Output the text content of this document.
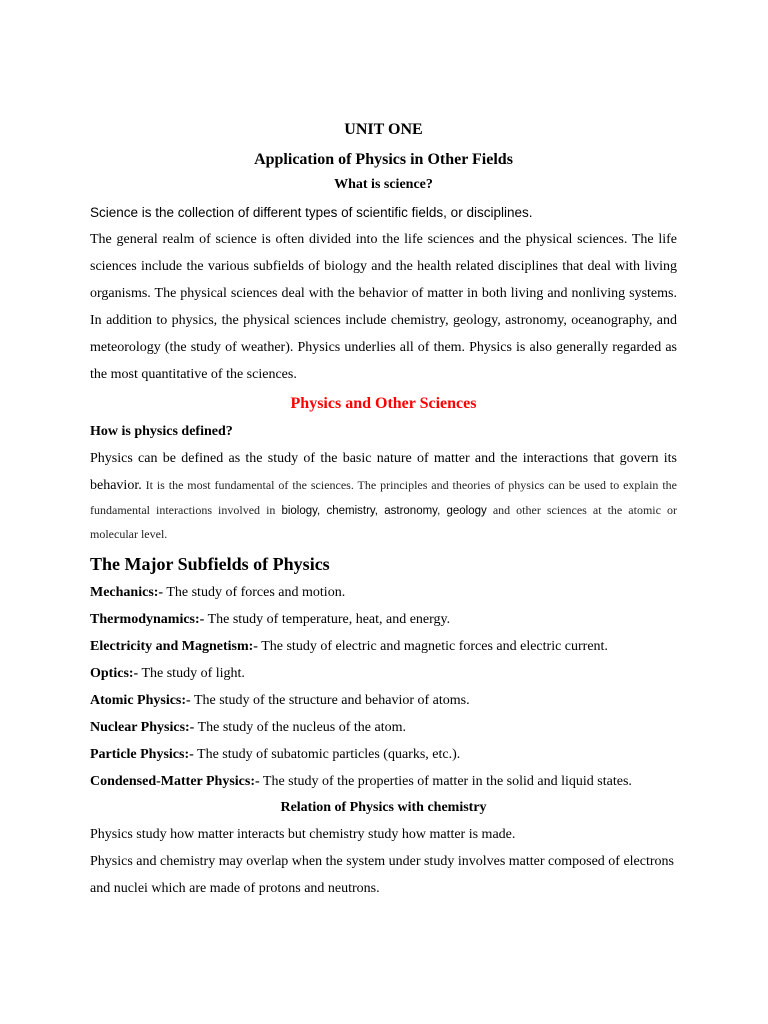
UNIT ONE
Application of Physics in Other Fields
What is science?

Science is the collection of different types of scientific fields, or disciplines.

The general realm of science is often divided into the life sciences and the physical sciences. The life sciences include the various subfields of biology and the health related disciplines that deal with living organisms. The physical sciences deal with the behavior of matter in both living and nonliving systems. In addition to physics, the physical sciences include chemistry, geology, astronomy, oceanography, and meteorology (the study of weather). Physics underlies all of them. Physics is also generally regarded as the most quantitative of the sciences.

Physics and Other Sciences
How is physics defined?

Physics can be defined as the study of the basic nature of matter and the interactions that govern its behavior. It is the most fundamental of the sciences. The principles and theories of physics can be used to explain the fundamental interactions involved in biology, chemistry, astronomy, geology and other sciences at the atomic or molecular level.

The Major Subfields of Physics

Mechanics:- The study of forces and motion.

Thermodynamics:- The study of temperature, heat, and energy.

Electricity and Magnetism:- The study of electric and magnetic forces and electric current.

Optics:- The study of light.

Atomic Physics:- The study of the structure and behavior of atoms.

Nuclear Physics:- The study of the nucleus of the atom.

Particle Physics:- The study of subatomic particles (quarks, etc.).

Condensed-Matter Physics:- The study of the properties of matter in the solid and liquid states.

Relation of Physics with chemistry

Physics study how matter interacts but chemistry study how matter is made.

Physics and chemistry may overlap when the system under study involves matter composed of electrons and nuclei which are made of protons and neutrons.
